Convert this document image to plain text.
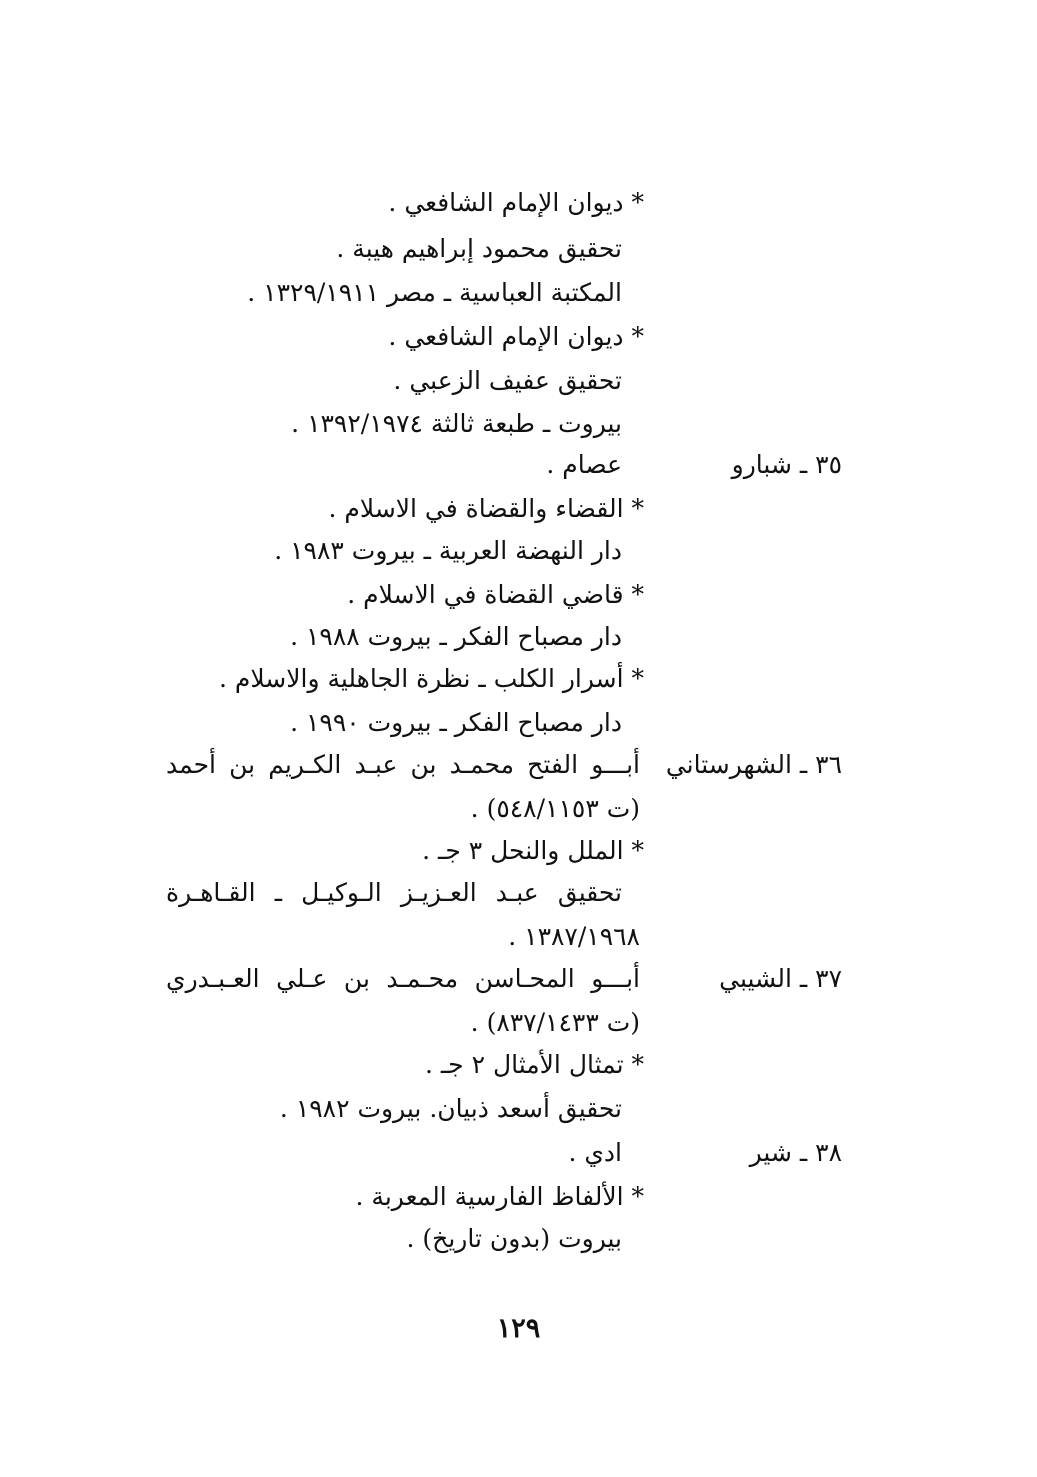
* ديوان الإمام الشافعي .
تحقيق محمود إبراهيم هيبة .
المكتبة العباسية ـ مصر ١٣٢٩/١٩١١ .
* ديوان الإمام الشافعي .
تحقيق عفيف الزعبي .
بيروت ـ طبعة ثالثة ١٣٩٢/١٩٧٤ .
٣٥ ـ شبارو
عصام .
* القضاء والقضاة في الاسلام .
دار النهضة العربية ـ بيروت ١٩٨٣ .
* قاضي القضاة في الاسلام .
دار مصباح الفكر ـ بيروت ١٩٨٨ .
* أسرار الكلب ـ نظرة الجاهلية والاسلام .
دار مصباح الفكر ـ بيروت ١٩٩٠ .
٣٦ ـ الشهرستاني
أبـــو الفتح محمـد بن عبـد الكـريم بن أحمد
(ت ٥٤٨/١١٥٣) .
* الملل والنحل ٣ جـ .
تحقيق عبـد العـزيـز الـوكيـل ـ القـاهـرة
١٣٨٧/١٩٦٨ .
٣٧ ـ الشيبي
أبـــو المحـاسن محـمـد بن عـلي العـبـدري
(ت ٨٣٧/١٤٣٣) .
* تمثال الأمثال ٢ جـ .
تحقيق أسعد ذبيان. بيروت ١٩٨٢ .
٣٨ ـ شير
ادي .
* الألفاظ الفارسية المعربة .
بيروت (بدون تاريخ) .
١٢٩
